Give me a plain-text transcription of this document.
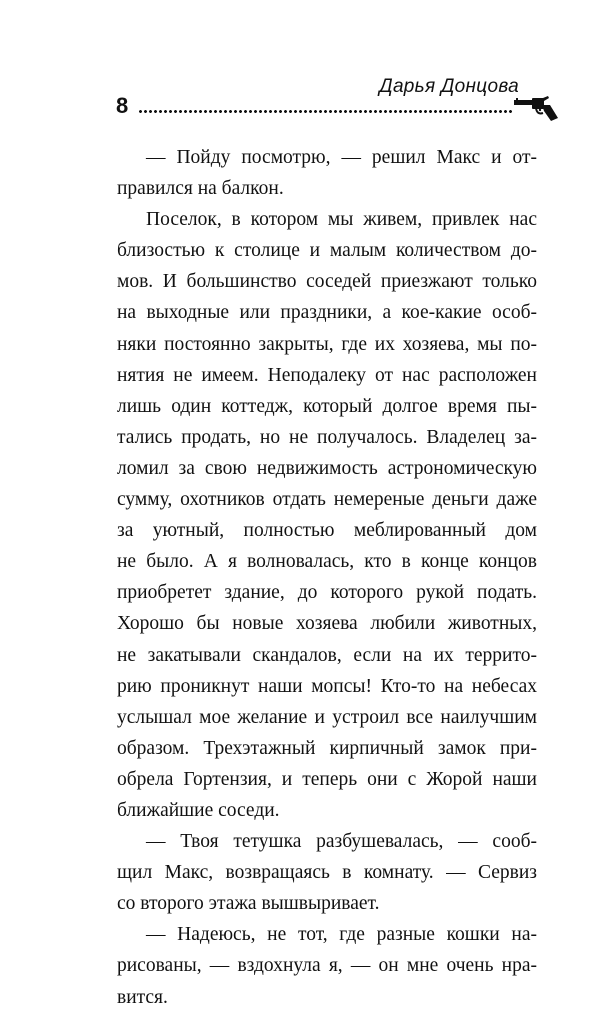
Дарья Донцова
8
— Пойду посмотрю, — решил Макс и от-
правился на балкон.
Поселок, в котором мы живем, привлек нас
близостью к столице и малым количеством до-
мов. И большинство соседей приезжают только
на выходные или праздники, а кое-какие особ-
няки постоянно закрыты, где их хозяева, мы по-
нятия не имеем. Неподалеку от нас расположен
лишь один коттедж, который долгое время пы-
тались продать, но не получалось. Владелец за-
ломил за свою недвижимость астрономическую
сумму, охотников отдать немереные деньги даже
за уютный, полностью меблированный дом
не было. А я волновалась, кто в конце концов
приобретет здание, до которого рукой подать.
Хорошо бы новые хозяева любили животных,
не закатывали скандалов, если на их террито-
рию проникнут наши мопсы! Кто-то на небесах
услышал мое желание и устроил все наилучшим
образом. Трехэтажный кирпичный замок при-
обрела Гортензия, и теперь они с Жорой наши
ближайшие соседи.
— Твоя тетушка разбушевалась, — сооб-
щил Макс, возвращаясь в комнату. — Сервиз
со второго этажа вышвыривает.
— Надеюсь, не тот, где разные кошки на-
рисованы, — вздохнула я, — он мне очень нра-
вится.
